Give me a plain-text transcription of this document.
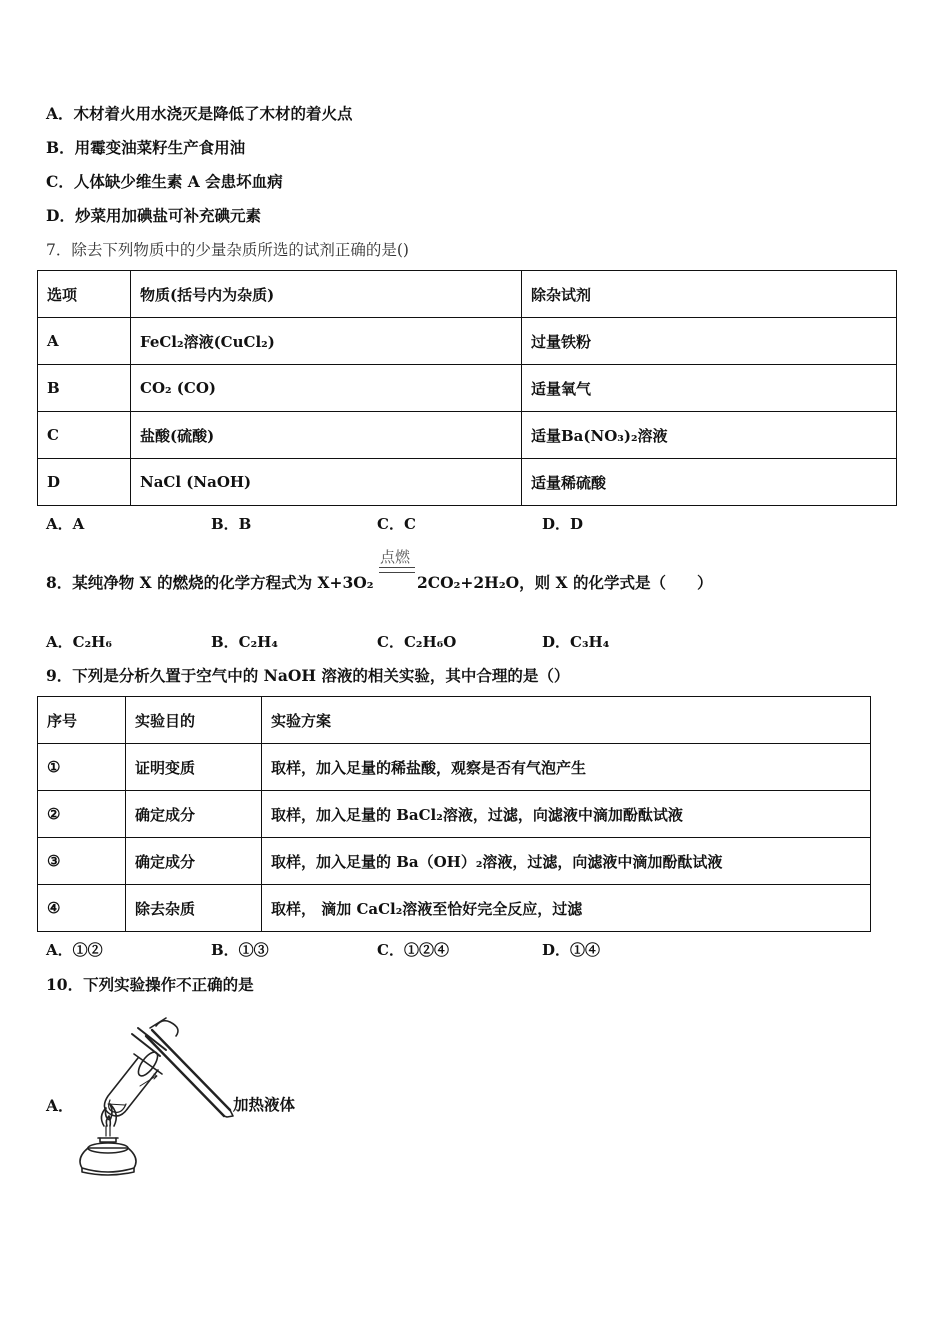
A．木材着火用水浇灭是降低了木材的着火点
B．用霉变油菜籽生产食用油
C．人体缺少维生素 A 会患坏血病
D．炒菜用加碘盐可补充碘元素
7．除去下列物质中的少量杂质所选的试剂正确的是()
选项	物质(括号内为杂质)	除杂试剂
A	FeCl₂溶液(CuCl₂)	过量铁粉
B	CO₂ (CO)	适量氧气
C	盐酸(硫酸)	适量Ba(NO₃)₂溶液
D	NaCl (NaOH)	适量稀硫酸
A．A	B．B	C．C	D．D
点燃
8．某纯净物 X 的燃烧的化学方程式为 X+3O₂	2CO₂+2H₂O，则 X 的化学式是（　　）
A．C₂H₆	B．C₂H₄	C．C₂H₆O	D．C₃H₄
9．下列是分析久置于空气中的 NaOH 溶液的相关实验，其中合理的是（）
序号	实验目的	实验方案
①	证明变质	取样，加入足量的稀盐酸，观察是否有气泡产生
②	确定成分	取样，加入足量的 BaCl₂溶液，过滤，向滤液中滴加酚酞试液
③	确定成分	取样，加入足量的 Ba（OH）₂溶液，过滤，向滤液中滴加酚酞试液
④	除去杂质	取样， 滴加 CaCl₂溶液至恰好完全反应，过滤
A．①②	B．①③	C．①②④	D．①④
10．下列实验操作不正确的是
A．	加热液体
